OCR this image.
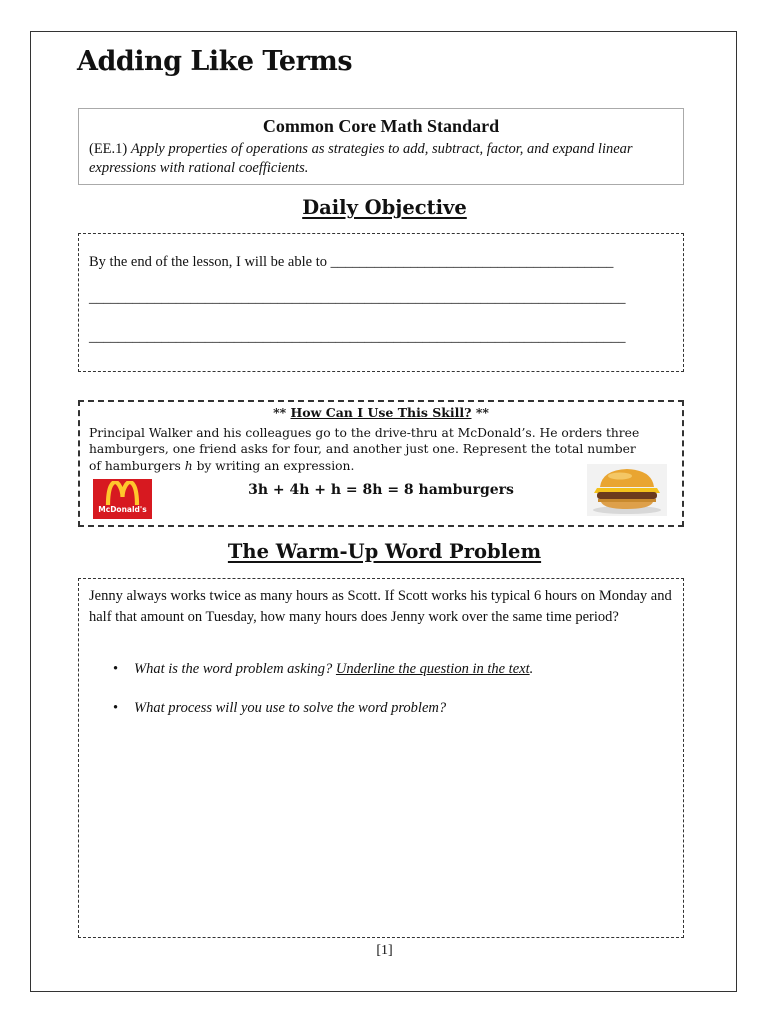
Adding Like Terms
Common Core Math Standard
(EE.1) Apply properties of operations as strategies to add, subtract, factor, and expand linear expressions with rational coefficients.
Daily Objective
By the end of the lesson, I will be able to _______________________________________
__________________________________________________________________________
__________________________________________________________________________
** How Can I Use This Skill? **
Principal Walker and his colleagues go to the drive-thru at McDonald’s. He orders three hamburgers, one friend asks for four, and another just one. Represent the total number of hamburgers h by writing an expression.
McDonald's
3h + 4h + h = 8h = 8 hamburgers
The Warm-Up Word Problem
Jenny always works twice as many hours as Scott. If Scott works his typical 6 hours on Monday and half that amount on Tuesday, how many hours does Jenny work over the same time period?
• What is the word problem asking? Underline the question in the text.
• What process will you use to solve the word problem?
[1]
